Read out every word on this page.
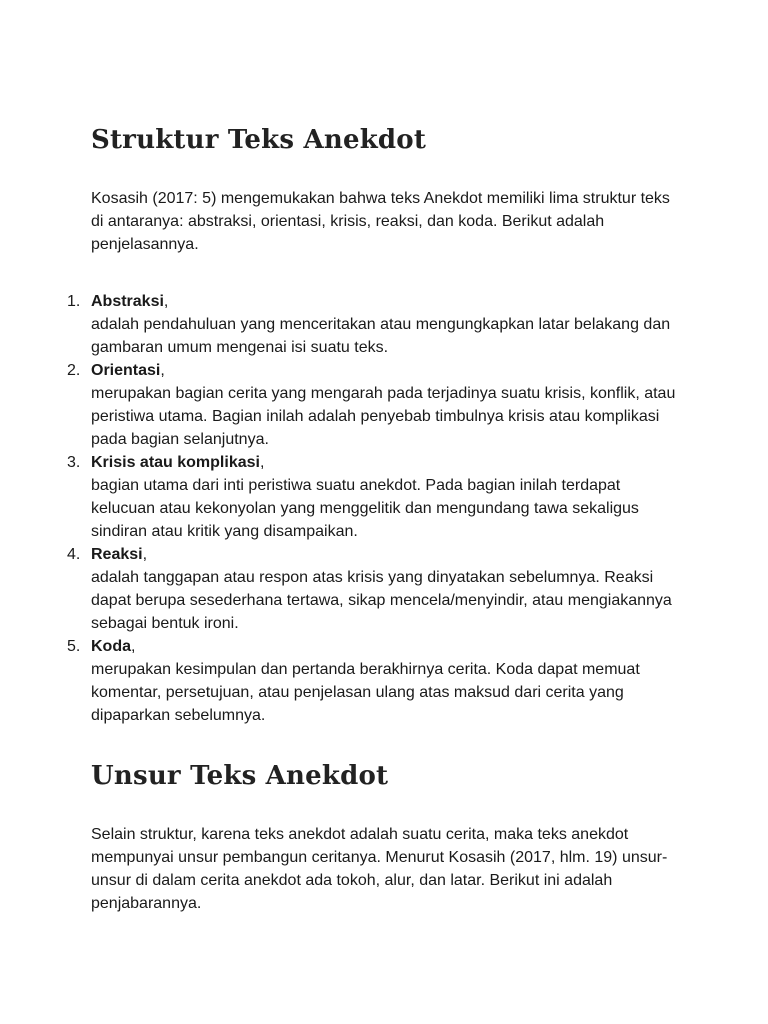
Struktur Teks Anekdot

Kosasih (2017: 5) mengemukakan bahwa teks Anekdot memiliki lima struktur teks di antaranya: abstraksi, orientasi, krisis, reaksi, dan koda. Berikut adalah penjelasannya.

1. Abstraksi,
adalah pendahuluan yang menceritakan atau mengungkapkan latar belakang dan gambaran umum mengenai isi suatu teks.
2. Orientasi,
merupakan bagian cerita yang mengarah pada terjadinya suatu krisis, konflik, atau peristiwa utama. Bagian inilah adalah penyebab timbulnya krisis atau komplikasi pada bagian selanjutnya.
3. Krisis atau komplikasi,
bagian utama dari inti peristiwa suatu anekdot. Pada bagian inilah terdapat kelucuan atau kekonyolan yang menggelitik dan mengundang tawa sekaligus sindiran atau kritik yang disampaikan.
4. Reaksi,
adalah tanggapan atau respon atas krisis yang dinyatakan sebelumnya. Reaksi dapat berupa sesederhana tertawa, sikap mencela/menyindir, atau mengiakannya sebagai bentuk ironi.
5. Koda,
merupakan kesimpulan dan pertanda berakhirnya cerita. Koda dapat memuat komentar, persetujuan, atau penjelasan ulang atas maksud dari cerita yang dipaparkan sebelumnya.
Unsur Teks Anekdot

Selain struktur, karena teks anekdot adalah suatu cerita, maka teks anekdot mempunyai unsur pembangun ceritanya. Menurut Kosasih (2017, hlm. 19) unsur-unsur di dalam cerita anekdot ada tokoh, alur, dan latar. Berikut ini adalah penjabarannya.
